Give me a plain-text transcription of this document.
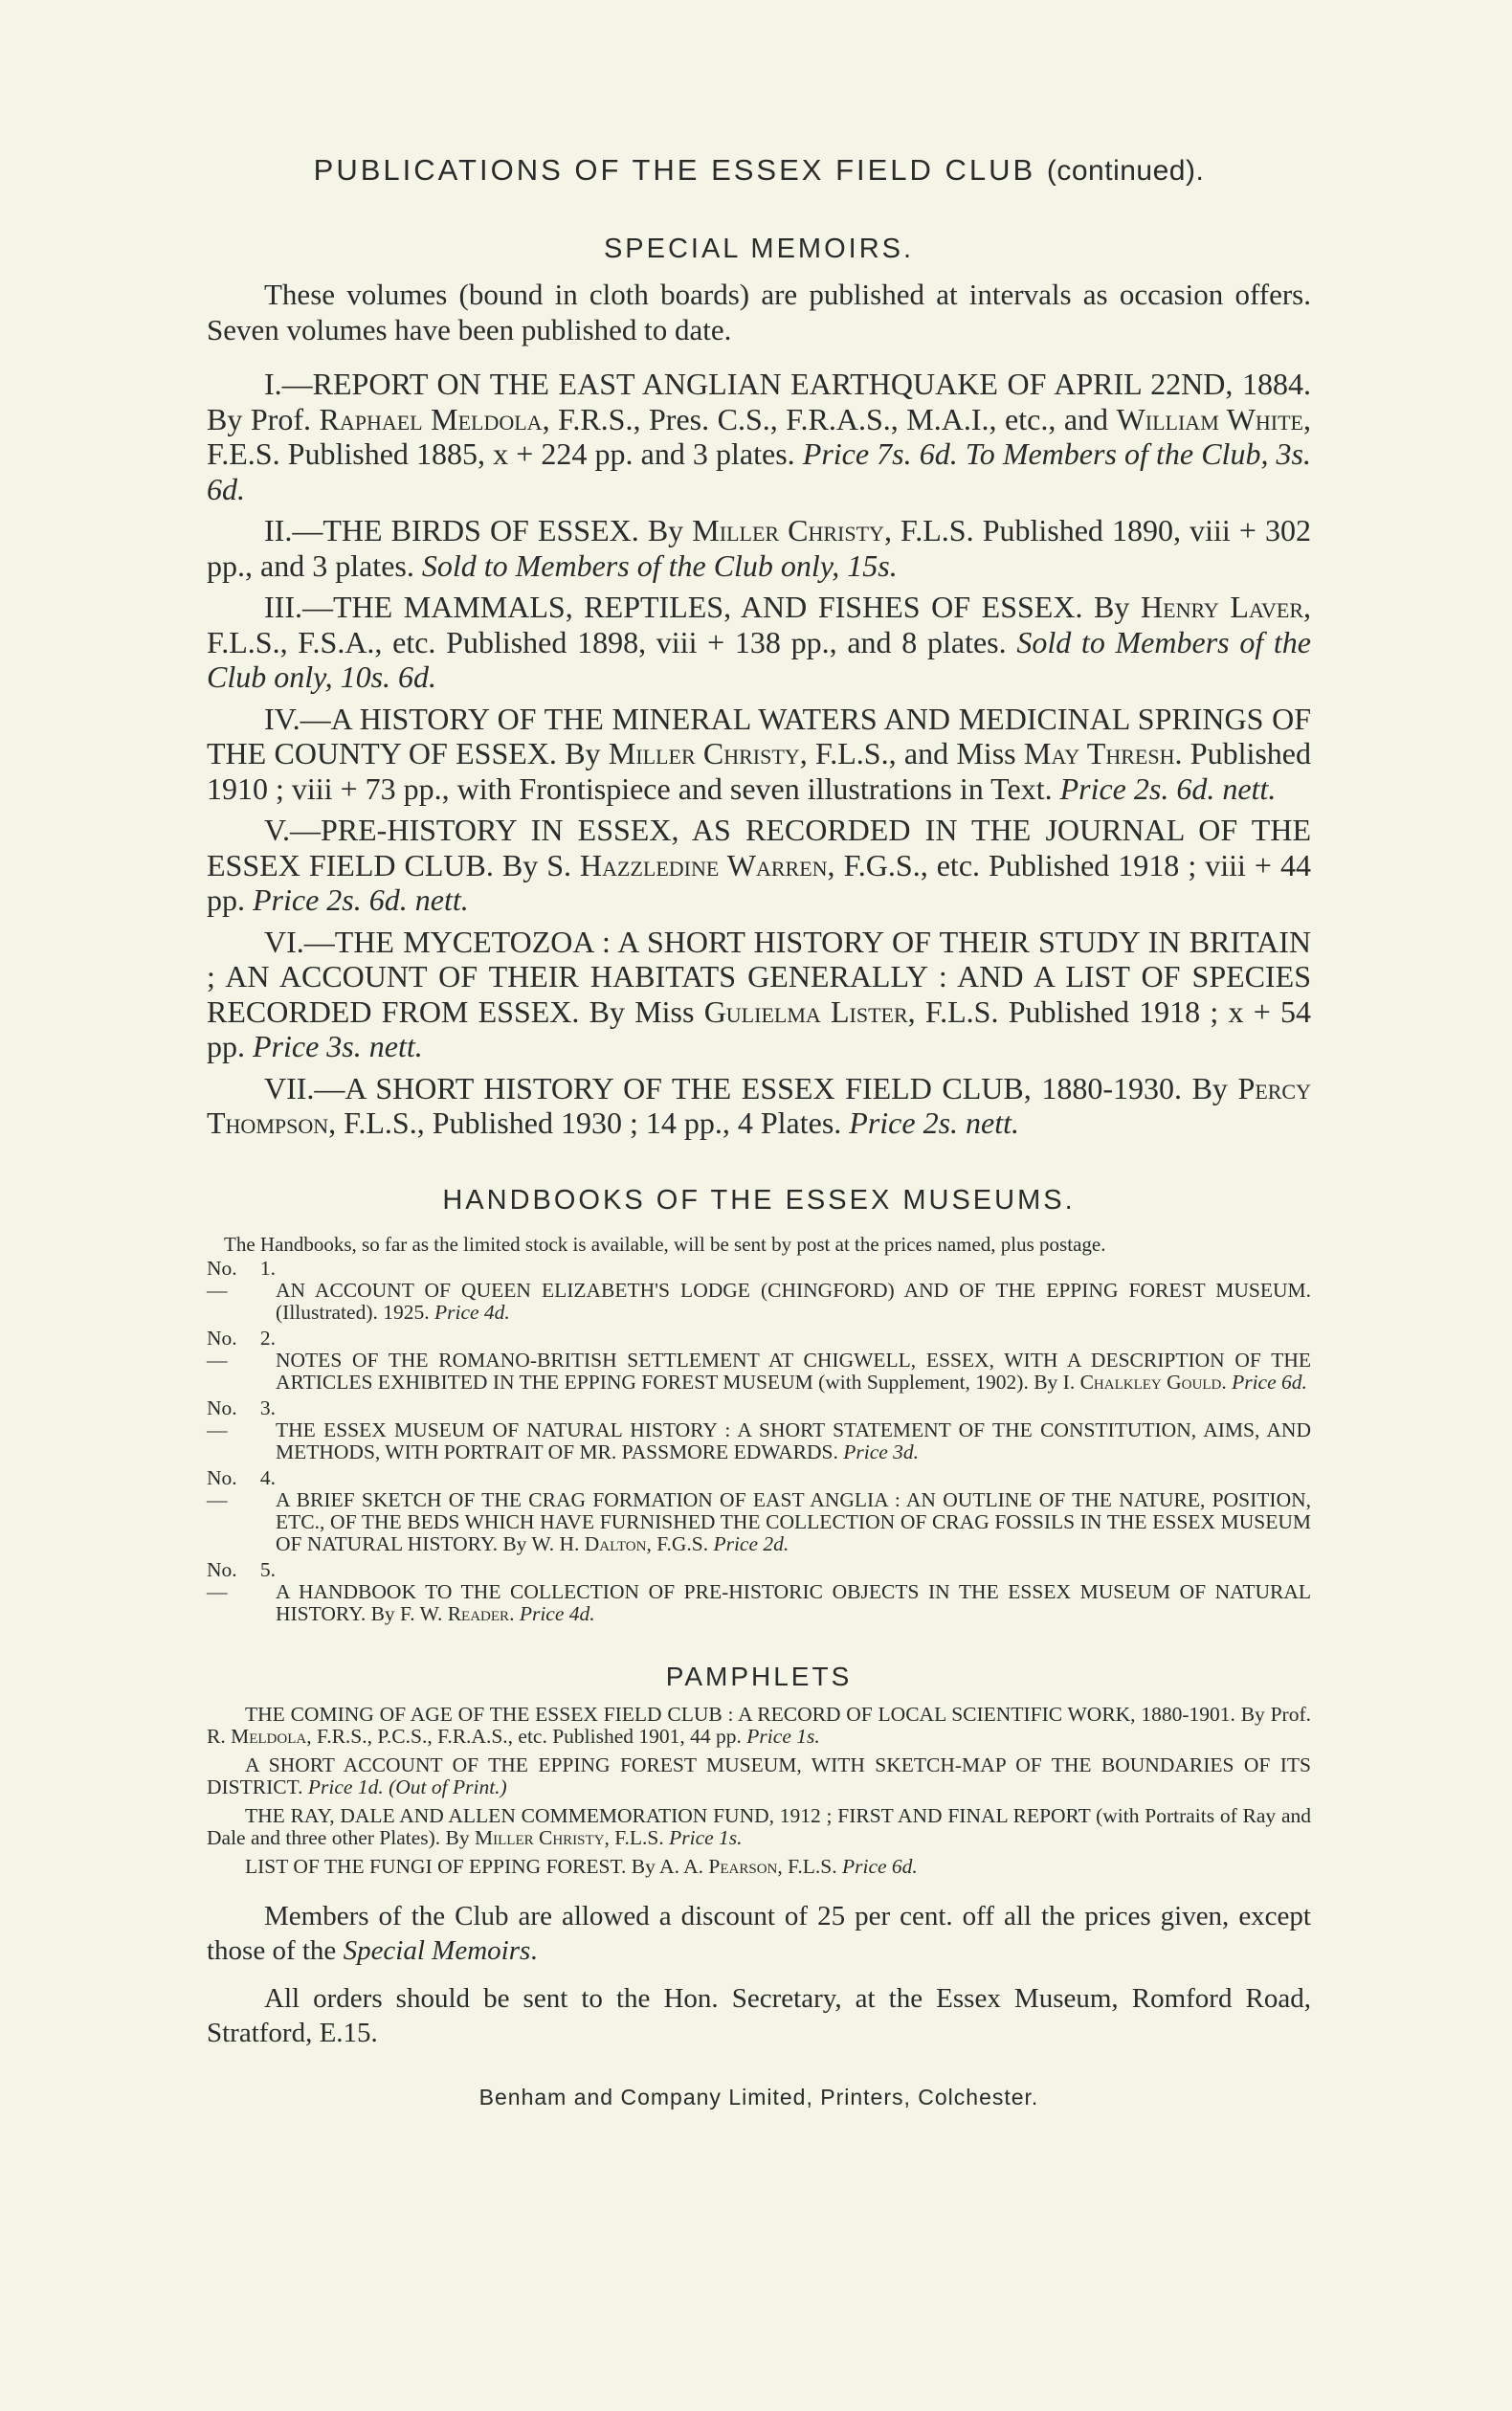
PUBLICATIONS OF THE ESSEX FIELD CLUB (continued).
SPECIAL MEMOIRS.

These volumes (bound in cloth boards) are published at intervals as occasion offers. Seven volumes have been published to date.

I.—REPORT ON THE EAST ANGLIAN EARTHQUAKE OF APRIL 22ND, 1884. By Prof. Raphael Meldola, F.R.S., Pres. C.S., F.R.A.S., M.A.I., etc., and William White, F.E.S. Published 1885, x + 224 pp. and 3 plates. Price 7s. 6d. To Members of the Club, 3s. 6d.

II.—THE BIRDS OF ESSEX. By Miller Christy, F.L.S. Published 1890, viii + 302 pp., and 3 plates. Sold to Members of the Club only, 15s.

III.—THE MAMMALS, REPTILES, AND FISHES OF ESSEX. By Henry Laver, F.L.S., F.S.A., etc. Published 1898, viii + 138 pp., and 8 plates. Sold to Members of the Club only, 10s. 6d.

IV.—A HISTORY OF THE MINERAL WATERS AND MEDICINAL SPRINGS OF THE COUNTY OF ESSEX. By Miller Christy, F.L.S., and Miss May Thresh. Published 1910 ; viii + 73 pp., with Frontispiece and seven illustrations in Text. Price 2s. 6d. nett.

V.—PRE-HISTORY IN ESSEX, AS RECORDED IN THE JOURNAL OF THE ESSEX FIELD CLUB. By S. Hazzledine Warren, F.G.S., etc. Published 1918 ; viii + 44 pp. Price 2s. 6d. nett.

VI.—THE MYCETOZOA : A SHORT HISTORY OF THEIR STUDY IN BRITAIN ; AN ACCOUNT OF THEIR HABITATS GENERALLY : AND A LIST OF SPECIES RECORDED FROM ESSEX. By Miss Gulielma Lister, F.L.S. Published 1918 ; x + 54 pp. Price 3s. nett.

VII.—A SHORT HISTORY OF THE ESSEX FIELD CLUB, 1880-1930. By Percy Thompson, F.L.S., Published 1930 ; 14 pp., 4 Plates. Price 2s. nett.

HANDBOOKS OF THE ESSEX MUSEUMS.

The Handbooks, so far as the limited stock is available, will be sent by post at the prices named, plus postage.

No. 1.— AN ACCOUNT OF QUEEN ELIZABETH'S LODGE (CHINGFORD) AND OF THE EPPING FOREST MUSEUM. (Illustrated). 1925. Price 4d.

No. 2.— NOTES OF THE ROMANO-BRITISH SETTLEMENT AT CHIGWELL, ESSEX, WITH A DESCRIPTION OF THE ARTICLES EXHIBITED IN THE EPPING FOREST MUSEUM (with Supplement, 1902). By I. Chalkley Gould. Price 6d.

No. 3.— THE ESSEX MUSEUM OF NATURAL HISTORY : A SHORT STATEMENT OF THE CONSTITUTION, AIMS, AND METHODS, WITH PORTRAIT OF MR. PASSMORE EDWARDS. Price 3d.

No. 4.— A BRIEF SKETCH OF THE CRAG FORMATION OF EAST ANGLIA : AN OUTLINE OF THE NATURE, POSITION, ETC., OF THE BEDS WHICH HAVE FURNISHED THE COLLECTION OF CRAG FOSSILS IN THE ESSEX MUSEUM OF NATURAL HISTORY. By W. H. Dalton, F.G.S. Price 2d.

No. 5.— A HANDBOOK TO THE COLLECTION OF PRE-HISTORIC OBJECTS IN THE ESSEX MUSEUM OF NATURAL HISTORY. By F. W. Reader. Price 4d.

PAMPHLETS

THE COMING OF AGE OF THE ESSEX FIELD CLUB : A RECORD OF LOCAL SCIENTIFIC WORK, 1880-1901. By Prof. R. Meldola, F.R.S., P.C.S., F.R.A.S., etc. Published 1901, 44 pp. Price 1s.

A SHORT ACCOUNT OF THE EPPING FOREST MUSEUM, WITH SKETCH-MAP OF THE BOUNDARIES OF ITS DISTRICT. Price 1d. (Out of Print.)

THE RAY, DALE AND ALLEN COMMEMORATION FUND, 1912 ; FIRST AND FINAL REPORT (with Portraits of Ray and Dale and three other Plates). By Miller Christy, F.L.S. Price 1s.

LIST OF THE FUNGI OF EPPING FOREST. By A. A. Pearson, F.L.S. Price 6d.

Members of the Club are allowed a discount of 25 per cent. off all the prices given, except those of the Special Memoirs.

All orders should be sent to the Hon. Secretary, at the Essex Museum, Romford Road, Stratford, E.15.

Benham and Company Limited, Printers, Colchester.
